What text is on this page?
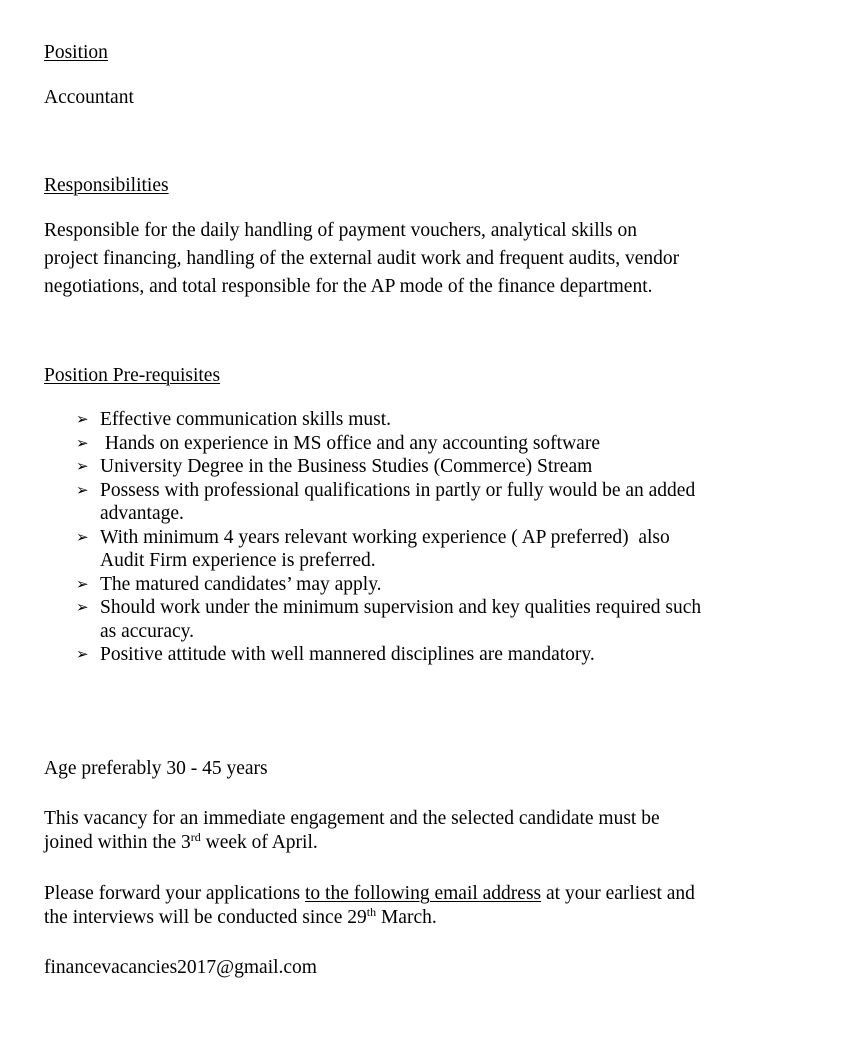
Position
Accountant
Responsibilities
Responsible for the daily handling of payment vouchers, analytical skills on
project financing, handling of the external audit work and frequent audits, vendor
negotiations, and total responsible for the AP mode of the finance department.
Position Pre-requisites
➢ Effective communication skills must.
➢ Hands on experience in MS office and any accounting software
➢ University Degree in the Business Studies (Commerce) Stream
➢ Possess with professional qualifications in partly or fully would be an added
advantage.
➢ With minimum 4 years relevant working experience ( AP preferred)  also
Audit Firm experience is preferred.
➢ The matured candidates’ may apply.
➢ Should work under the minimum supervision and key qualities required such
as accuracy.
➢ Positive attitude with well mannered disciplines are mandatory.
Age preferably 30 - 45 years
This vacancy for an immediate engagement and the selected candidate must be
joined within the 3rd week of April.
Please forward your applications to the following email address at your earliest and
the interviews will be conducted since 29th March.
financevacancies2017@gmail.com
